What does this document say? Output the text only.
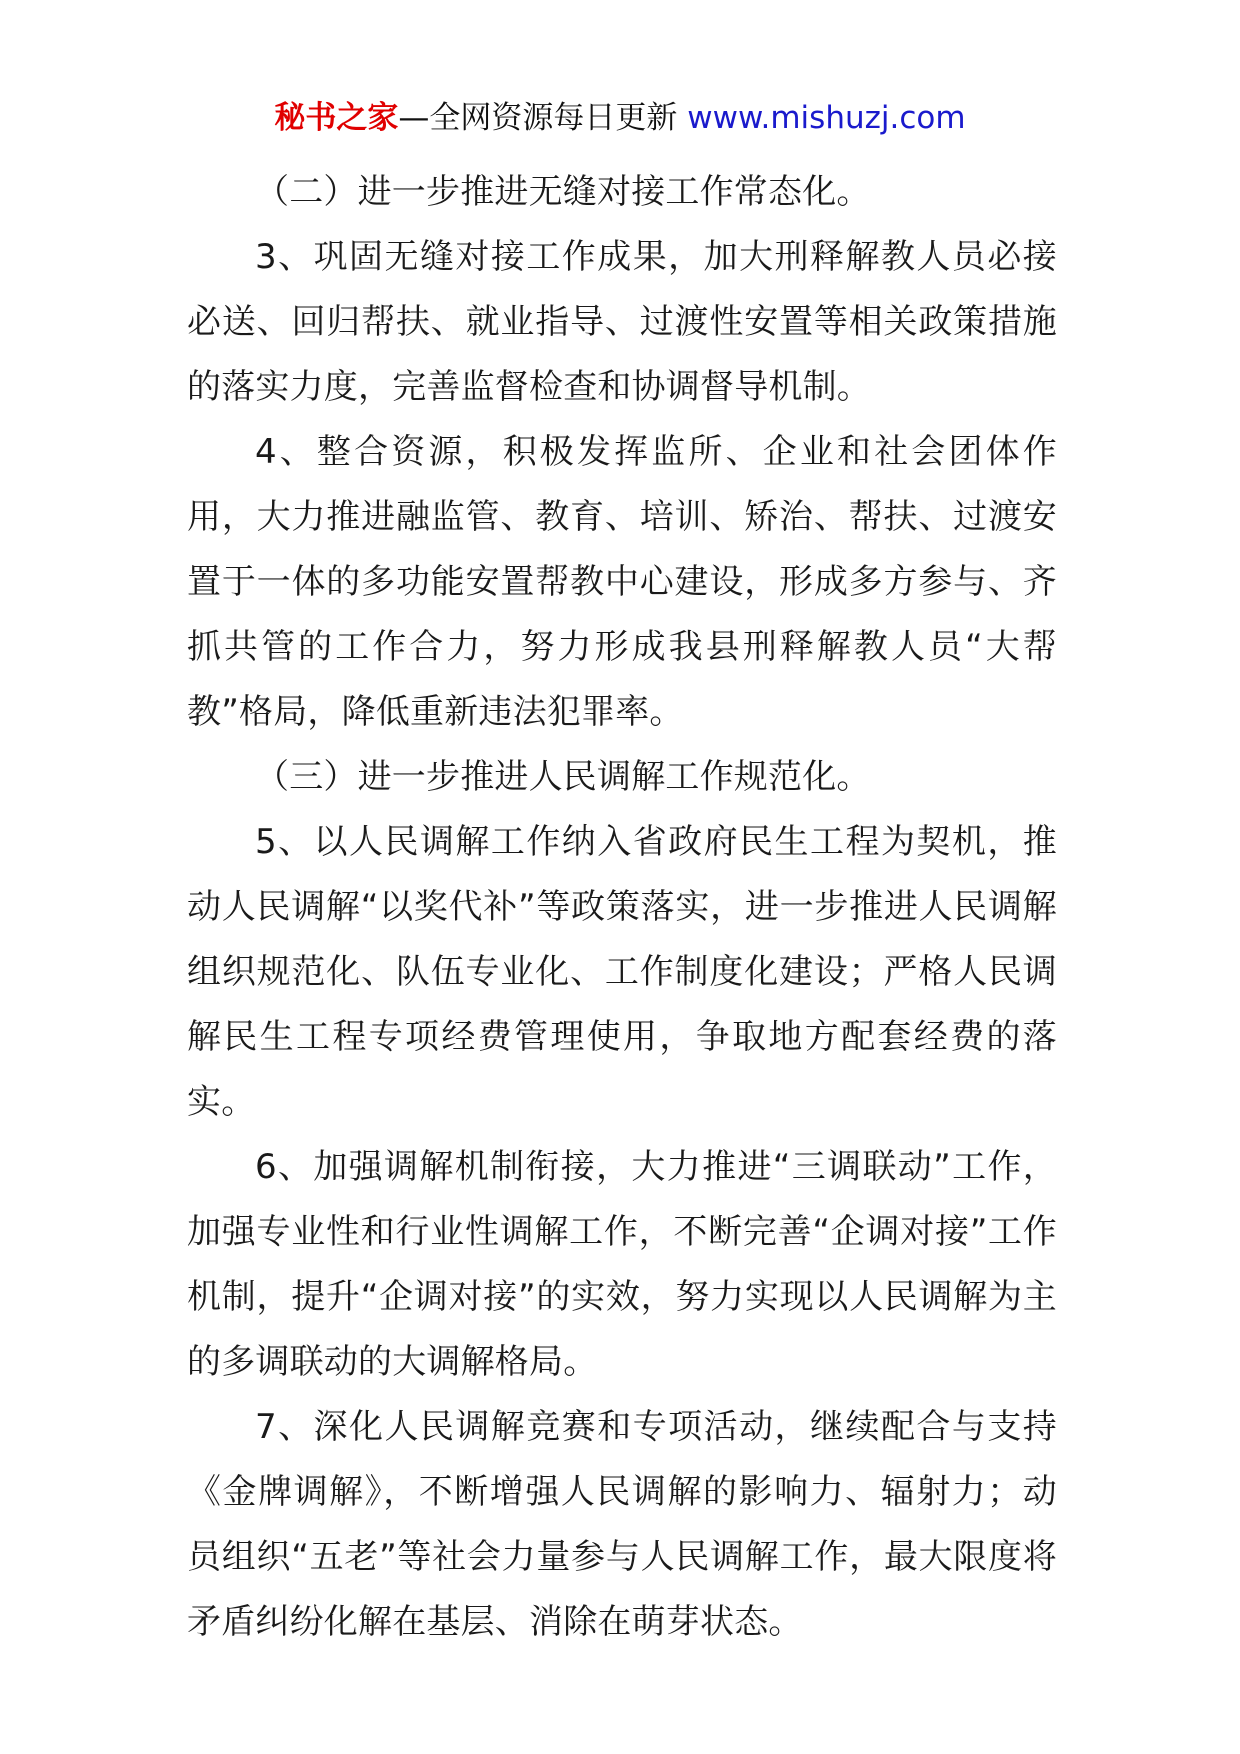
秘书之家—全网资源每日更新 www.mishuzj.com

（二）进一步推进无缝对接工作常态化。

3、巩固无缝对接工作成果，加大刑释解教人员必接必送、回归帮扶、就业指导、过渡性安置等相关政策措施的落实力度，完善监督检查和协调督导机制。

4、整合资源，积极发挥监所、企业和社会团体作用，大力推进融监管、教育、培训、矫治、帮扶、过渡安置于一体的多功能安置帮教中心建设，形成多方参与、齐抓共管的工作合力，努力形成我县刑释解教人员“大帮教”格局，降低重新违法犯罪率。

（三）进一步推进人民调解工作规范化。

5、以人民调解工作纳入省政府民生工程为契机，推动人民调解“以奖代补”等政策落实，进一步推进人民调解组织规范化、队伍专业化、工作制度化建设；严格人民调解民生工程专项经费管理使用，争取地方配套经费的落实。

6、加强调解机制衔接，大力推进“三调联动”工作，加强专业性和行业性调解工作，不断完善“企调对接”工作机制，提升“企调对接”的实效，努力实现以人民调解为主的多调联动的大调解格局。

7、深化人民调解竞赛和专项活动，继续配合与支持《金牌调解》，不断增强人民调解的影响力、辐射力；动员组织“五老”等社会力量参与人民调解工作，最大限度将矛盾纠纷化解在基层、消除在萌芽状态。
